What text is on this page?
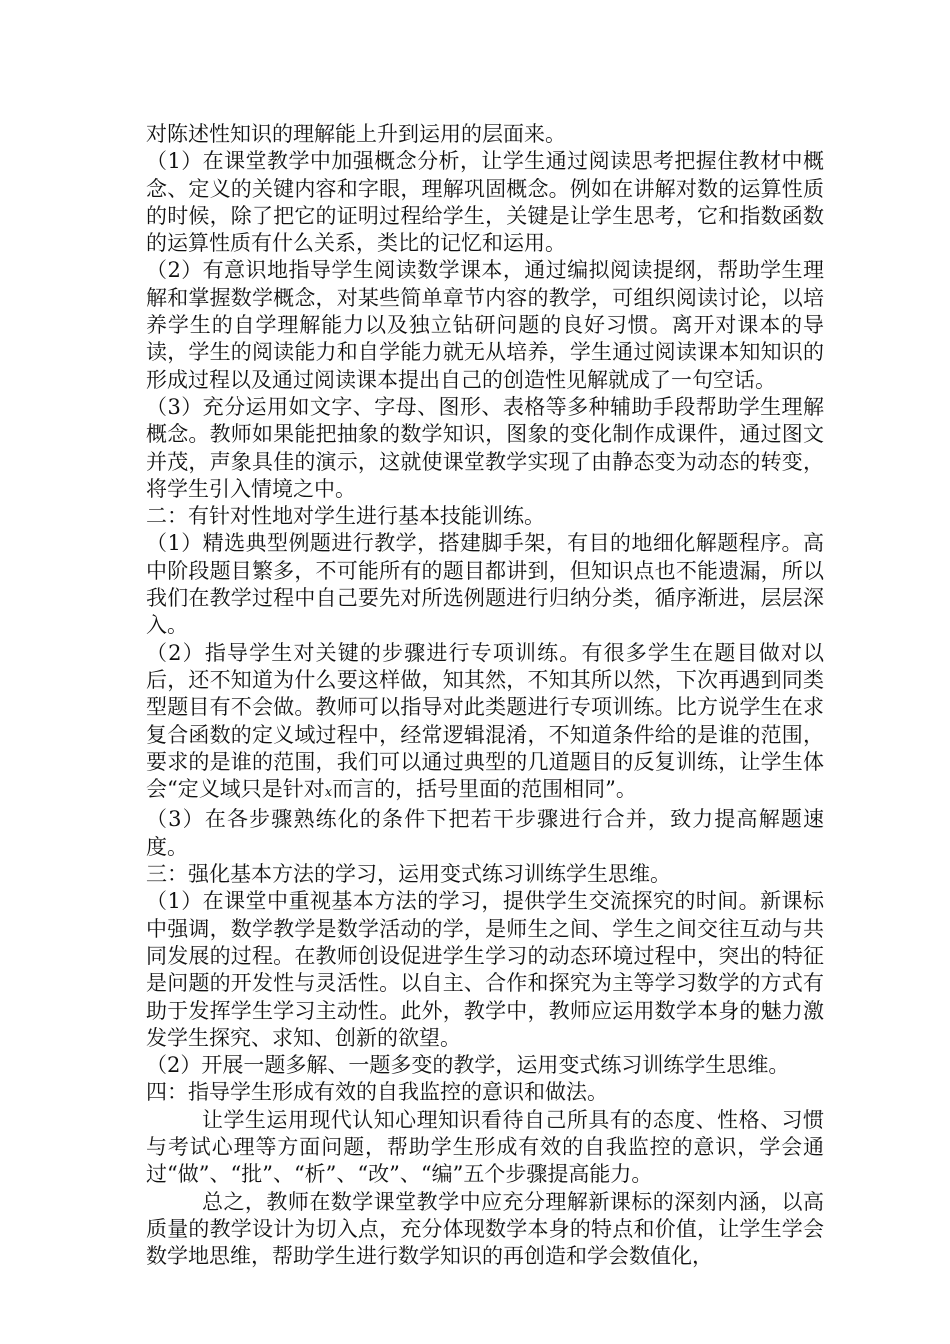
对陈述性知识的理解能上升到运用的层面来。

（1）在课堂教学中加强概念分析，让学生通过阅读思考把握住教材中概念、定义的关键内容和字眼，理解巩固概念。例如在讲解对数的运算性质的时候，除了把它的证明过程给学生，关键是让学生思考，它和指数函数的运算性质有什么关系，类比的记忆和运用。

（2）有意识地指导学生阅读数学课本，通过编拟阅读提纲，帮助学生理解和掌握数学概念，对某些简单章节内容的教学，可组织阅读讨论，以培养学生的自学理解能力以及独立钻研问题的良好习惯。离开对课本的导读，学生的阅读能力和自学能力就无从培养，学生通过阅读课本知知识的形成过程以及通过阅读课本提出自己的创造性见解就成了一句空话。

（3）充分运用如文字、字母、图形、表格等多种辅助手段帮助学生理解概念。教师如果能把抽象的数学知识，图象的变化制作成课件，通过图文并茂，声象具佳的演示，这就使课堂教学实现了由静态变为动态的转变，将学生引入情境之中。

二：有针对性地对学生进行基本技能训练。

（1）精选典型例题进行教学，搭建脚手架，有目的地细化解题程序。高中阶段题目繁多，不可能所有的题目都讲到，但知识点也不能遗漏，所以我们在教学过程中自己要先对所选例题进行归纳分类，循序渐进，层层深入。

（2）指导学生对关键的步骤进行专项训练。有很多学生在题目做对以后，还不知道为什么要这样做，知其然，不知其所以然，下次再遇到同类型题目有不会做。教师可以指导对此类题进行专项训练。比方说学生在求复合函数的定义域过程中，经常逻辑混淆，不知道条件给的是谁的范围，要求的是谁的范围，我们可以通过典型的几道题目的反复训练，让学生体会“定义域只是针对x而言的，括号里面的范围相同”。

（3）在各步骤熟练化的条件下把若干步骤进行合并，致力提高解题速度。

三：强化基本方法的学习，运用变式练习训练学生思维。

（1）在课堂中重视基本方法的学习，提供学生交流探究的时间。新课标中强调，数学教学是数学活动的学，是师生之间、学生之间交往互动与共同发展的过程。在教师创设促进学生学习的动态环境过程中，突出的特征是问题的开发性与灵活性。以自主、合作和探究为主等学习数学的方式有助于发挥学生学习主动性。此外，教学中，教师应运用数学本身的魅力激发学生探究、求知、创新的欲望。

（2）开展一题多解、一题多变的教学，运用变式练习训练学生思维。

四：指导学生形成有效的自我监控的意识和做法。

让学生运用现代认知心理知识看待自己所具有的态度、性格、习惯与考试心理等方面问题，帮助学生形成有效的自我监控的意识，学会通过“做”、“批”、“析”、“改”、“编”五个步骤提高能力。

总之，教师在数学课堂教学中应充分理解新课标的深刻内涵，以高质量的教学设计为切入点，充分体现数学本身的特点和价值，让学生学会数学地思维，帮助学生进行数学知识的再创造和学会数值化，
